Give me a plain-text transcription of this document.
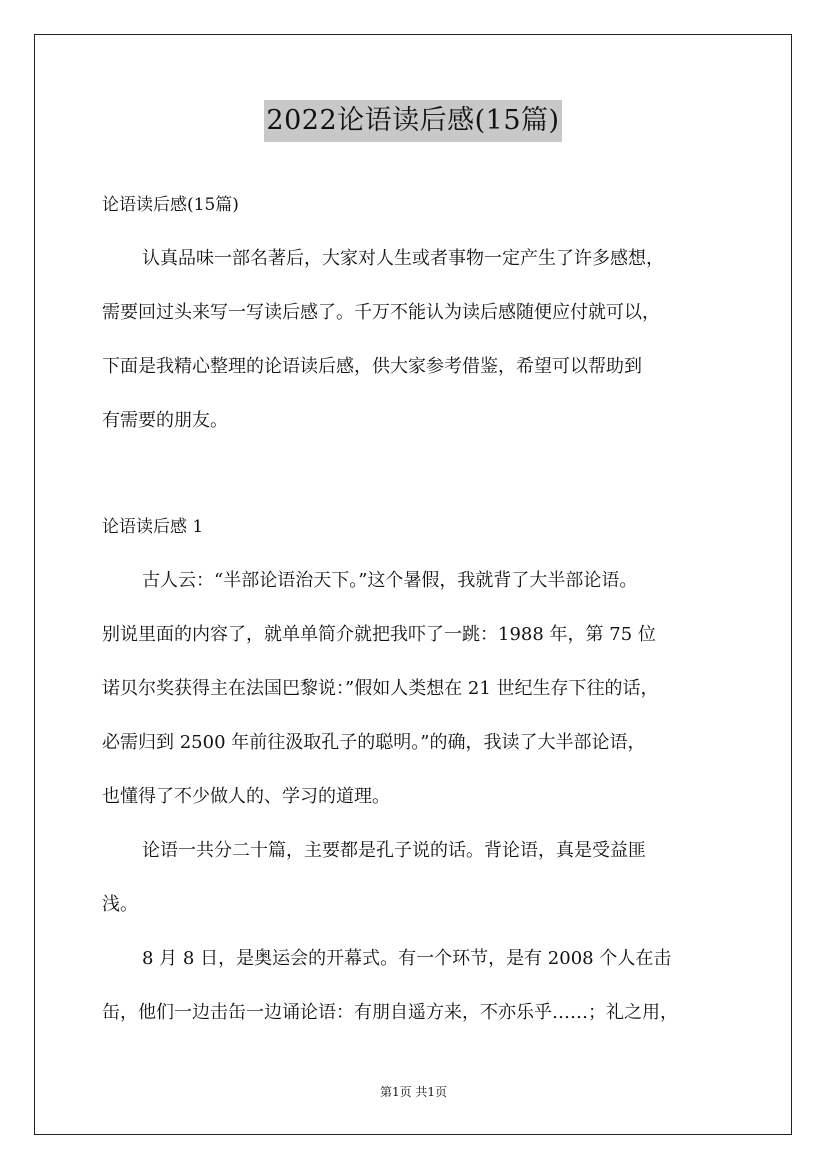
2022论语读后感(15篇)

论语读后感(15篇)

认真品味一部名著后，大家对人生或者事物一定产生了许多感想，

需要回过头来写一写读后感了。千万不能认为读后感随便应付就可以，

下面是我精心整理的论语读后感，供大家参考借鉴，希望可以帮助到

有需要的朋友。

论语读后感 1

古人云：“半部论语治天下。”这个暑假，我就背了大半部论语。

别说里面的内容了，就单单简介就把我吓了一跳：1988 年，第 75 位

诺贝尔奖获得主在法国巴黎说：”假如人类想在 21 世纪生存下往的话，

必需归到 2500 年前往汲取孔子的聪明。”的确，我读了大半部论语，

也懂得了不少做人的、学习的道理。

论语一共分二十篇，主要都是孔子说的话。背论语，真是受益匪

浅。

8 月 8 日，是奥运会的开幕式。有一个环节，是有 2008 个人在击

缶，他们一边击缶一边诵论语：有朋自遥方来，不亦乐乎……；礼之用，

第1页 共1页
